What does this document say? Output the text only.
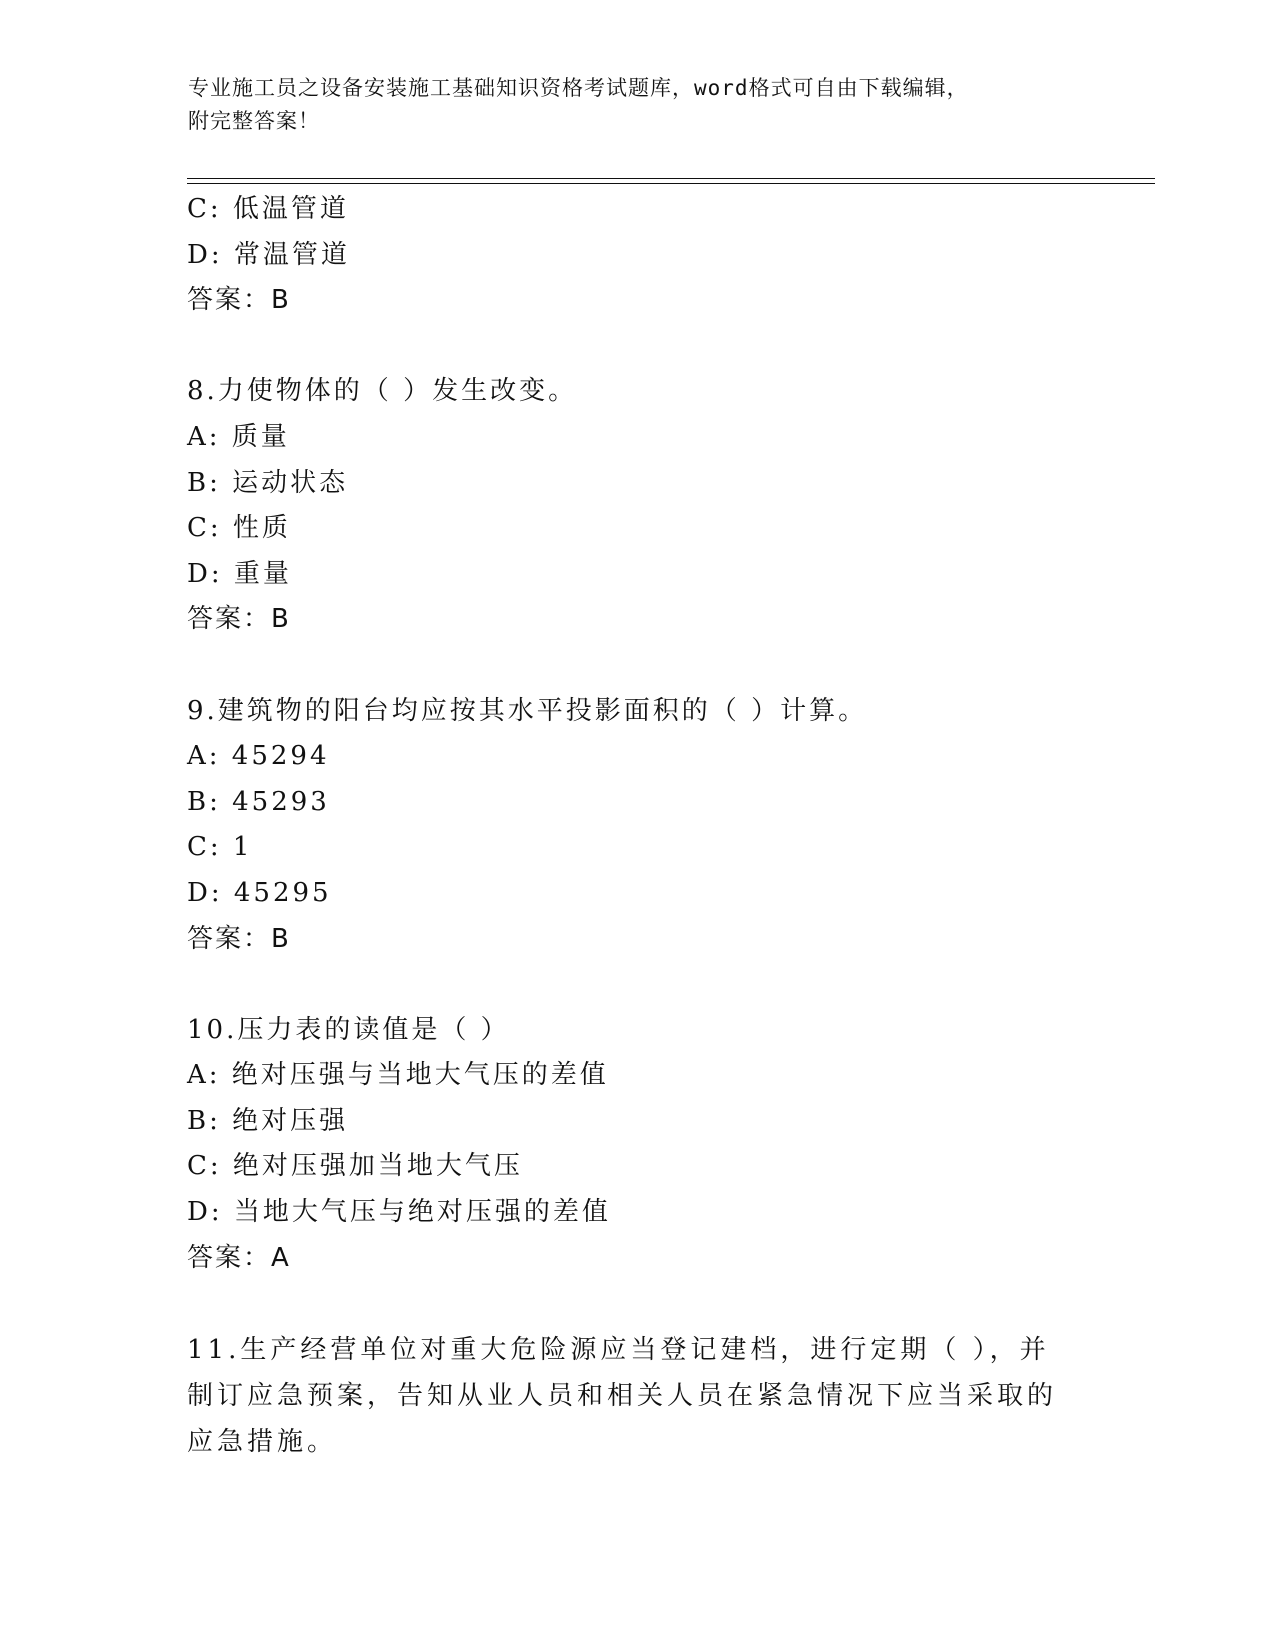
专业施工员之设备安装施工基础知识资格考试题库，word格式可自由下载编辑，
附完整答案！
C: 低温管道
D: 常温管道
答案：B
8.力使物体的（ ）发生改变。
A: 质量
B: 运动状态
C: 性质
D: 重量
答案：B
9.建筑物的阳台均应按其水平投影面积的（ ）计算。
A: 45294
B: 45293
C: 1
D: 45295
答案：B
10.压力表的读值是（ ）
A: 绝对压强与当地大气压的差值
B: 绝对压强
C: 绝对压强加当地大气压
D: 当地大气压与绝对压强的差值
答案：A
11.生产经营单位对重大危险源应当登记建档，进行定期（ ），并制订应急预案，告知从业人员和相关人员在紧急情况下应当采取的应急措施。
